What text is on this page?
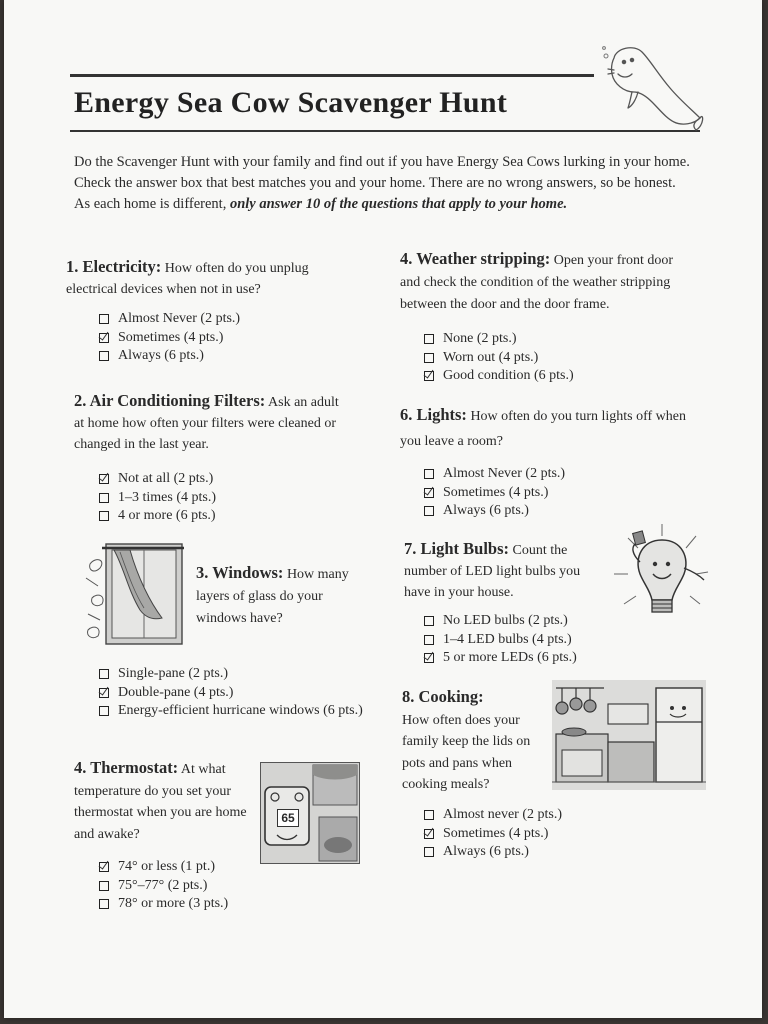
Energy Sea Cow Scavenger Hunt

Do the Scavenger Hunt with your family and find out if you have Energy Sea Cows lurking in your home. Check the answer box that best matches you and your home. There are no wrong answers, so be honest. As each home is different, only answer 10 of the questions that apply to your home.

1. Electricity: How often do you unplug electrical devices when not in use?
Almost Never (2 pts.)
Sometimes (4 pts.)
Always (6 pts.)
2. Air Conditioning Filters: Ask an adult at home how often your filters were cleaned or changed in the last year.
Not at all (2 pts.)
1–3 times (4 pts.)
4 or more (6 pts.)
3. Windows: How many layers of glass do your windows have?
Single-pane (2 pts.)
Double-pane (4 pts.)
Energy-efficient hurricane windows (6 pts.)
4. Thermostat: At what temperature do you set your thermostat when you are home and awake?
65
74° or less (1 pt.)
75°–77° (2 pts.)
78° or more (3 pts.)
4. Weather stripping: Open your front door and check the condition of the weather stripping between the door and the door frame.
None (2 pts.)
Worn out (4 pts.)
Good condition (6 pts.)
6. Lights: How often do you turn lights off when you leave a room?
Almost Never (2 pts.)
Sometimes (4 pts.)
Always (6 pts.)
7. Light Bulbs: Count the number of LED light bulbs you have in your house.
No LED bulbs (2 pts.)
1–4 LED bulbs (4 pts.)
5 or more LEDs (6 pts.)
8. Cooking:
How often does your family keep the lids on pots and pans when cooking meals?
Almost never (2 pts.)
Sometimes (4 pts.)
Always (6 pts.)
